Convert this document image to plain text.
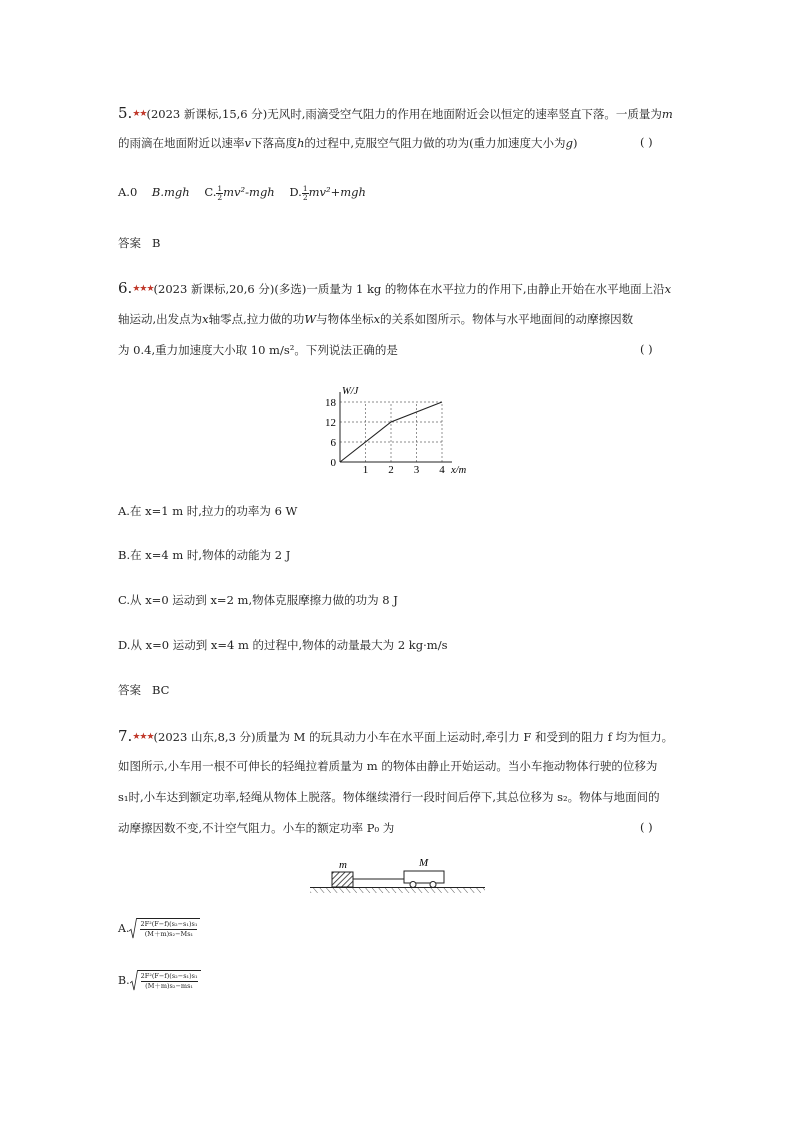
5.★★(2023 新课标,15,6 分)无风时,雨滴受空气阻力的作用在地面附近会以恒定的速率竖直下落。一质量为m
的雨滴在地面附近以速率v下落高度h的过程中,克服空气阻力做的功为(重力加速度大小为g)	( )
A.0 B.mgh C. $\frac{1}{2} mv^2-mgh$ D. $\frac{1}{2} mv^2+mgh$
答案 B
6.★★★(2023 新课标,20,6 分)(多选)一质量为 1 kg 的物体在水平拉力的作用下,由静止开始在水平地面上沿x
轴运动,出发点为x轴零点,拉力做的功W与物体坐标x的关系如图所示。物体与水平地面间的动摩擦因数
为 0.4,重力加速度大小取 10 m/s²。下列说法正确的是	( )
1 2 3 4
0
6
12
18
W/J
x/m
A.在 x=1 m 时,拉力的功率为 6 W
B.在 x=4 m 时,物体的动能为 2 J
C.从 x=0 运动到 x=2 m,物体克服摩擦力做的功为 8 J
D.从 x=0 运动到 x=4 m 的过程中,物体的动量最大为 2 kg·m/s
答案 BC
7.★★★(2023 山东,8,3 分)质量为 M 的玩具动力小车在水平面上运动时,牵引力 F 和受到的阻力 f 均为恒力。
如图所示,小车用一根不可伸长的轻绳拉着质量为 m 的物体由静止开始运动。当小车拖动物体行驶的位移为
s₁时,小车达到额定功率,轻绳从物体上脱落。物体继续滑行一段时间后停下,其总位移为 s₂。物体与地面间的
动摩擦因数不变,不计空气阻力。小车的额定功率 P₀ 为	( )
m	M
A. $\frac{\text{2F²(F−f)(s₂−s₁)s₁}}{\text{(M＋m)s₂−Ms₁}}$
B. $\frac{\text{2F²(F−f)(s₂−s₁)s₁}}{\text{(M＋m)s₂−ms₁}}$
